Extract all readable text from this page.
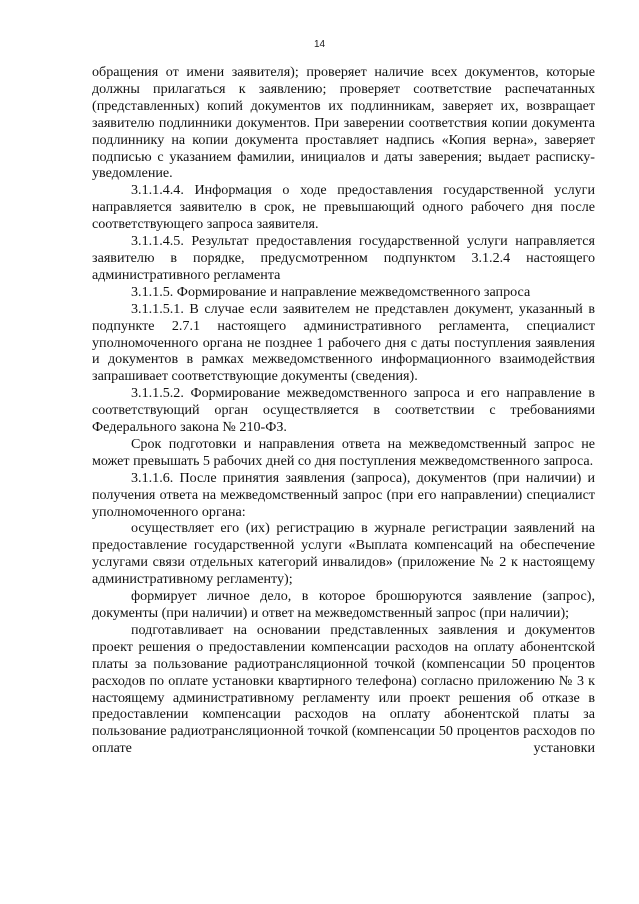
14

обращения от имени заявителя); проверяет наличие всех документов, которые должны прилагаться к заявлению; проверяет соответствие распечатанных (представленных) копий документов их подлинникам, заверяет их, возвращает заявителю подлинники документов. При заверении соответствия копии документа подлиннику на копии документа проставляет надпись «Копия верна», заверяет подписью с указанием фамилии, инициалов и даты заверения; выдает расписку-уведомление.

3.1.1.4.4. Информация о ходе предоставления государственной услуги направляется заявителю в срок, не превышающий одного рабочего дня после соответствующего запроса заявителя.

3.1.1.4.5. Результат предоставления государственной услуги направляется заявителю в порядке, предусмотренном подпунктом 3.1.2.4 настоящего административного регламента

3.1.1.5. Формирование и направление межведомственного запроса

3.1.1.5.1. В случае если заявителем не представлен документ, указанный в подпункте 2.7.1 настоящего административного регламента, специалист уполномоченного органа не позднее 1 рабочего дня с даты поступления заявления и документов в рамках межведомственного информационного взаимодействия запрашивает соответствующие документы (сведения).

3.1.1.5.2. Формирование межведомственного запроса и его направление в соответствующий орган осуществляется в соответствии с требованиями Федерального закона № 210-ФЗ.

Срок подготовки и направления ответа на межведомственный запрос не может превышать 5 рабочих дней со дня поступления межведомственного запроса.

3.1.1.6. После принятия заявления (запроса), документов (при наличии) и получения ответа на межведомственный запрос (при его направлении) специалист уполномоченного органа:

осуществляет его (их) регистрацию в журнале регистрации заявлений на предоставление государственной услуги «Выплата компенсаций на обеспечение услугами связи отдельных категорий инвалидов» (приложение № 2 к настоящему административному регламенту);

формирует личное дело, в которое брошюруются заявление (запрос), документы (при наличии) и ответ на межведомственный запрос (при наличии);

подготавливает на основании представленных заявления и документов проект решения о предоставлении компенсации расходов на оплату абонентской платы за пользование радиотрансляционной точкой (компенсации 50 процентов расходов по оплате установки квартирного телефона) согласно приложению № 3 к настоящему административному регламенту или проект решения об отказе в предоставлении компенсации расходов на оплату абонентской платы за пользование радиотрансляционной точкой (компенсации 50 процентов расходов по оплате установки
